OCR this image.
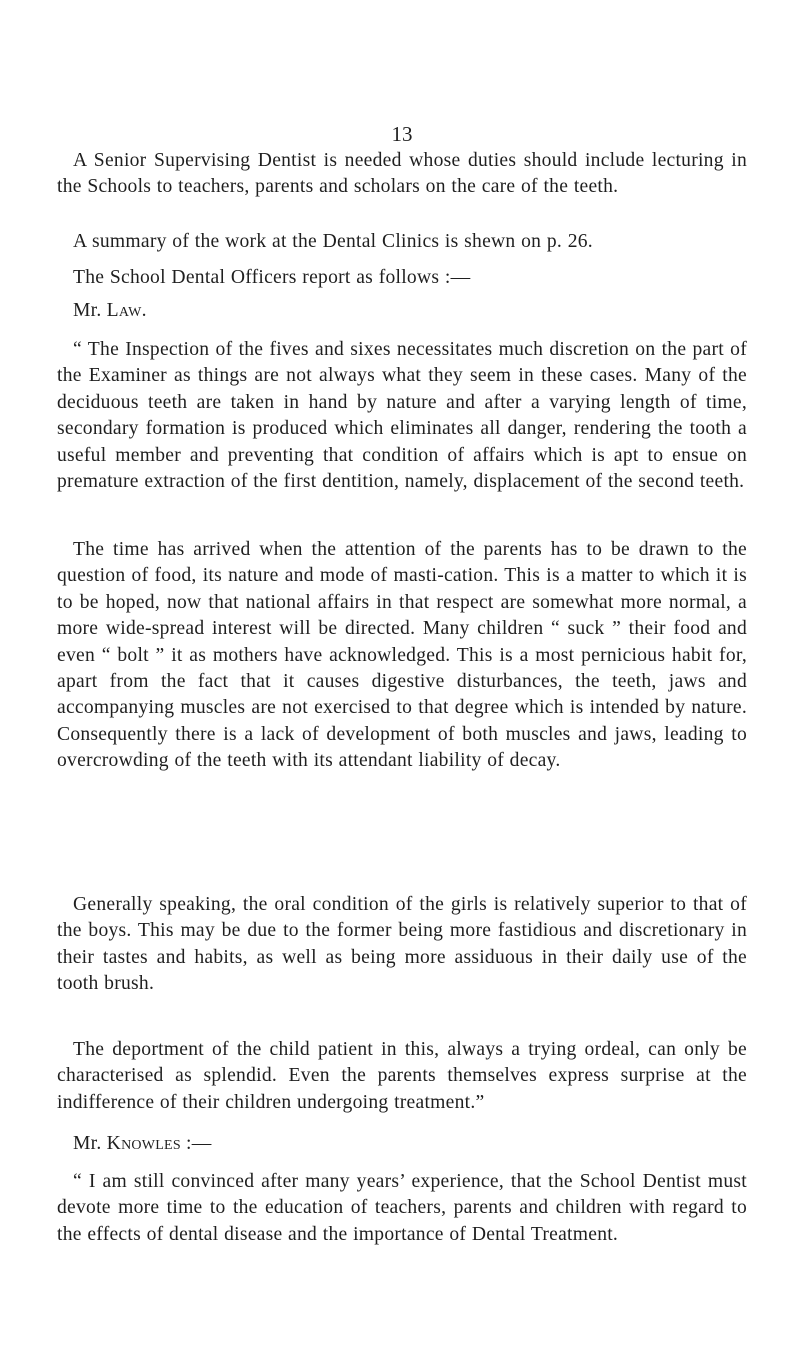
13

A Senior Supervising Dentist is needed whose duties should include lecturing in the Schools to teachers, parents and scholars on the care of the teeth.

A summary of the work at the Dental Clinics is shewn on p. 26.

The School Dental Officers report as follows :—

Mr. Law.

“ The Inspection of the fives and sixes necessitates much discretion on the part of the Examiner as things are not always what they seem in these cases. Many of the deciduous teeth are taken in hand by nature and after a varying length of time, secondary formation is produced which eliminates all danger, rendering the tooth a useful member and preventing that condition of affairs which is apt to ensue on premature extraction of the first dentition, namely, displacement of the second teeth.

The time has arrived when the attention of the parents has to be drawn to the question of food, its nature and mode of masti-cation. This is a matter to which it is to be hoped, now that national affairs in that respect are somewhat more normal, a more wide-spread interest will be directed. Many children “ suck ” their food and even “ bolt ” it as mothers have acknowledged. This is a most pernicious habit for, apart from the fact that it causes digestive disturbances, the teeth, jaws and accompanying muscles are not exercised to that degree which is intended by nature. Consequently there is a lack of development of both muscles and jaws, leading to overcrowding of the teeth with its attendant liability of decay.

Generally speaking, the oral condition of the girls is relatively superior to that of the boys. This may be due to the former being more fastidious and discretionary in their tastes and habits, as well as being more assiduous in their daily use of the tooth brush.

The deportment of the child patient in this, always a trying ordeal, can only be characterised as splendid. Even the parents themselves express surprise at the indifference of their children undergoing treatment.”

Mr. Knowles :—

“ I am still convinced after many years’ experience, that the School Dentist must devote more time to the education of teachers, parents and children with regard to the effects of dental disease and the importance of Dental Treatment.
